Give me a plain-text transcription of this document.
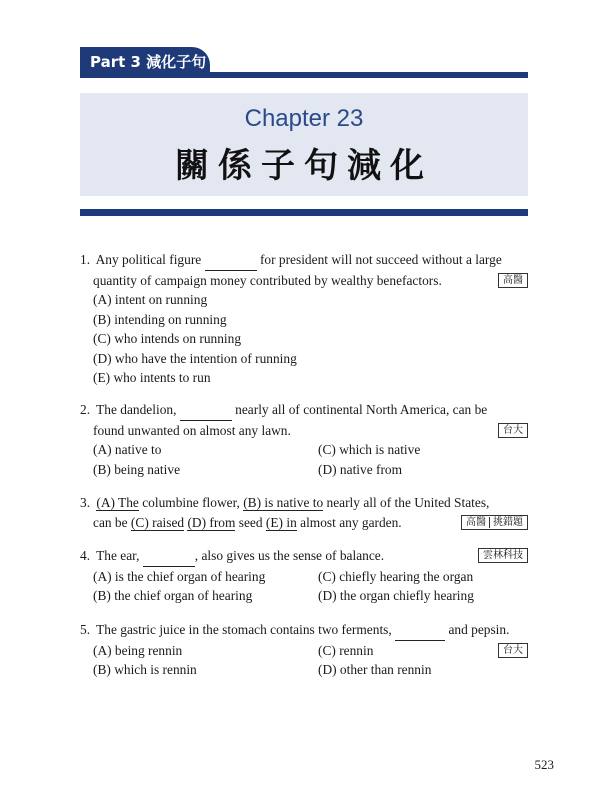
Part 3 減化子句
Chapter 23
關係子句減化
1. Any political figure	for president will not succeed without a large
quantity of campaign money contributed by wealthy benefactors.	高醫
(A) intent on running
(B) intending on running
(C) who intends on running
(D) who have the intention of running
(E) who intents to run
2. The dandelion,	nearly all of continental North America, can be
found unwanted on almost any lawn.	台大
(A) native to	(C) which is native
(B) being native	(D) native from
3. (A) The columbine flower, (B) is native to nearly all of the United States,
can be (C) raised (D) from seed (E) in almost any garden.	高醫 挑錯題
4. The ear,	, also gives us the sense of balance.	雲林科技
(A) is the chief organ of hearing	(C) chiefly hearing the organ
(B) the chief organ of hearing	(D) the organ chiefly hearing
5. The gastric juice in the stomach contains two ferments,	and pepsin.
(A) being rennin	(C) rennin
(B) which is rennin	(D) other than rennin
台大
523
